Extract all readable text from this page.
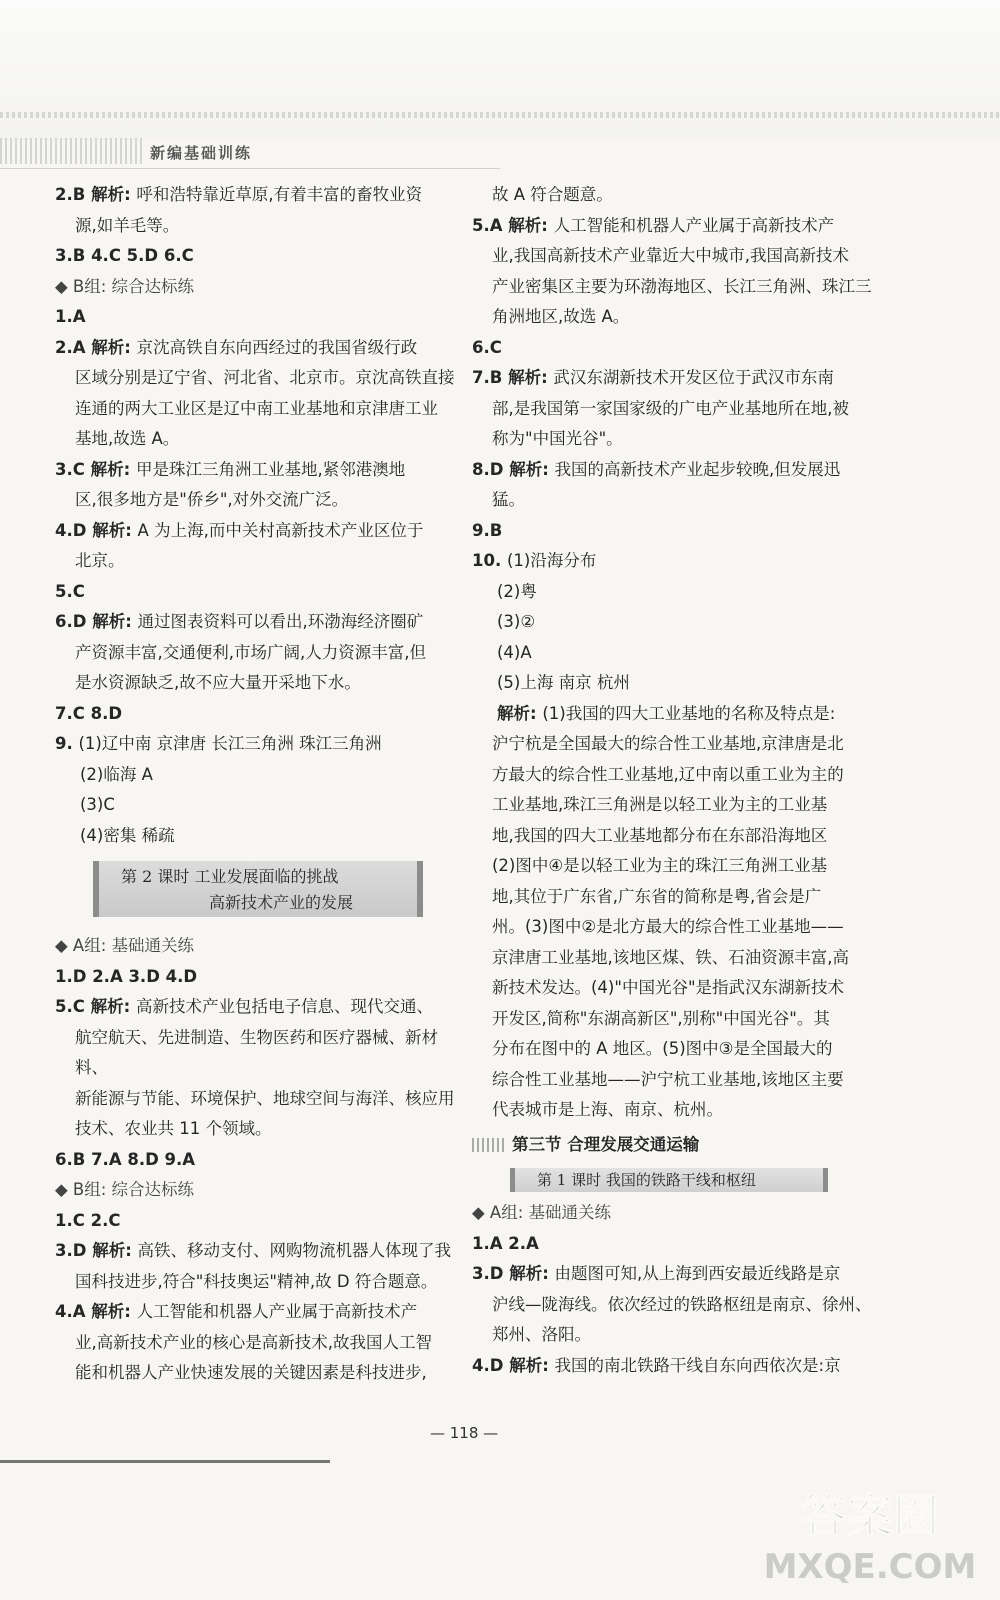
新编基础训练
2.B 解析: 呼和浩特靠近草原,有着丰富的畜牧业资
源,如羊毛等。
3.B 4.C 5.D 6.C
◆ B组: 综合达标练
1.A
2.A 解析: 京沈高铁自东向西经过的我国省级行政
区域分别是辽宁省、河北省、北京市。京沈高铁直接
连通的两大工业区是辽中南工业基地和京津唐工业
基地,故选 A。
3.C 解析: 甲是珠江三角洲工业基地,紧邻港澳地
区,很多地方是"侨乡",对外交流广泛。
4.D 解析: A 为上海,而中关村高新技术产业区位于
北京。
5.C
6.D 解析: 通过图表资料可以看出,环渤海经济圈矿
产资源丰富,交通便利,市场广阔,人力资源丰富,但
是水资源缺乏,故不应大量开采地下水。
7.C 8.D
9. (1)辽中南 京津唐 长江三角洲 珠江三角洲
(2)临海 A
(3)C
(4)密集 稀疏
第 2 课时 工业发展面临的挑战
高新技术产业的发展
◆ A组: 基础通关练
1.D 2.A 3.D 4.D
5.C 解析: 高新技术产业包括电子信息、现代交通、
航空航天、先进制造、生物医药和医疗器械、新材料、
新能源与节能、环境保护、地球空间与海洋、核应用
技术、农业共 11 个领域。
6.B 7.A 8.D 9.A
◆ B组: 综合达标练
1.C 2.C
3.D 解析: 高铁、移动支付、网购物流机器人体现了我
国科技进步,符合"科技奥运"精神,故 D 符合题意。
4.A 解析: 人工智能和机器人产业属于高新技术产
业,高新技术产业的核心是高新技术,故我国人工智
能和机器人产业快速发展的关键因素是科技进步,
故 A 符合题意。
5.A 解析: 人工智能和机器人产业属于高新技术产
业,我国高新技术产业靠近大中城市,我国高新技术
产业密集区主要为环渤海地区、长江三角洲、珠江三
角洲地区,故选 A。
6.C
7.B 解析: 武汉东湖新技术开发区位于武汉市东南
部,是我国第一家国家级的广电产业基地所在地,被
称为"中国光谷"。
8.D 解析: 我国的高新技术产业起步较晚,但发展迅
猛。
9.B
10. (1)沿海分布
(2)粤
(3)②
(4)A
(5)上海 南京 杭州
解析: (1)我国的四大工业基地的名称及特点是:
沪宁杭是全国最大的综合性工业基地,京津唐是北
方最大的综合性工业基地,辽中南以重工业为主的
工业基地,珠江三角洲是以轻工业为主的工业基
地,我国的四大工业基地都分布在东部沿海地区
(2)图中④是以轻工业为主的珠江三角洲工业基
地,其位于广东省,广东省的简称是粤,省会是广
州。(3)图中②是北方最大的综合性工业基地——
京津唐工业基地,该地区煤、铁、石油资源丰富,高
新技术发达。(4)"中国光谷"是指武汉东湖新技术
开发区,简称"东湖高新区",别称"中国光谷"。其
分布在图中的 A 地区。(5)图中③是全国最大的
综合性工业基地——沪宁杭工业基地,该地区主要
代表城市是上海、南京、杭州。
第三节 合理发展交通运输
第 1 课时 我国的铁路干线和枢纽
◆ A组: 基础通关练
1.A 2.A
3.D 解析: 由题图可知,从上海到西安最近线路是京
沪线—陇海线。依次经过的铁路枢纽是南京、徐州、
郑州、洛阳。
4.D 解析: 我国的南北铁路干线自东向西依次是:京
— 118 —
答案圈
MXQE.COM
